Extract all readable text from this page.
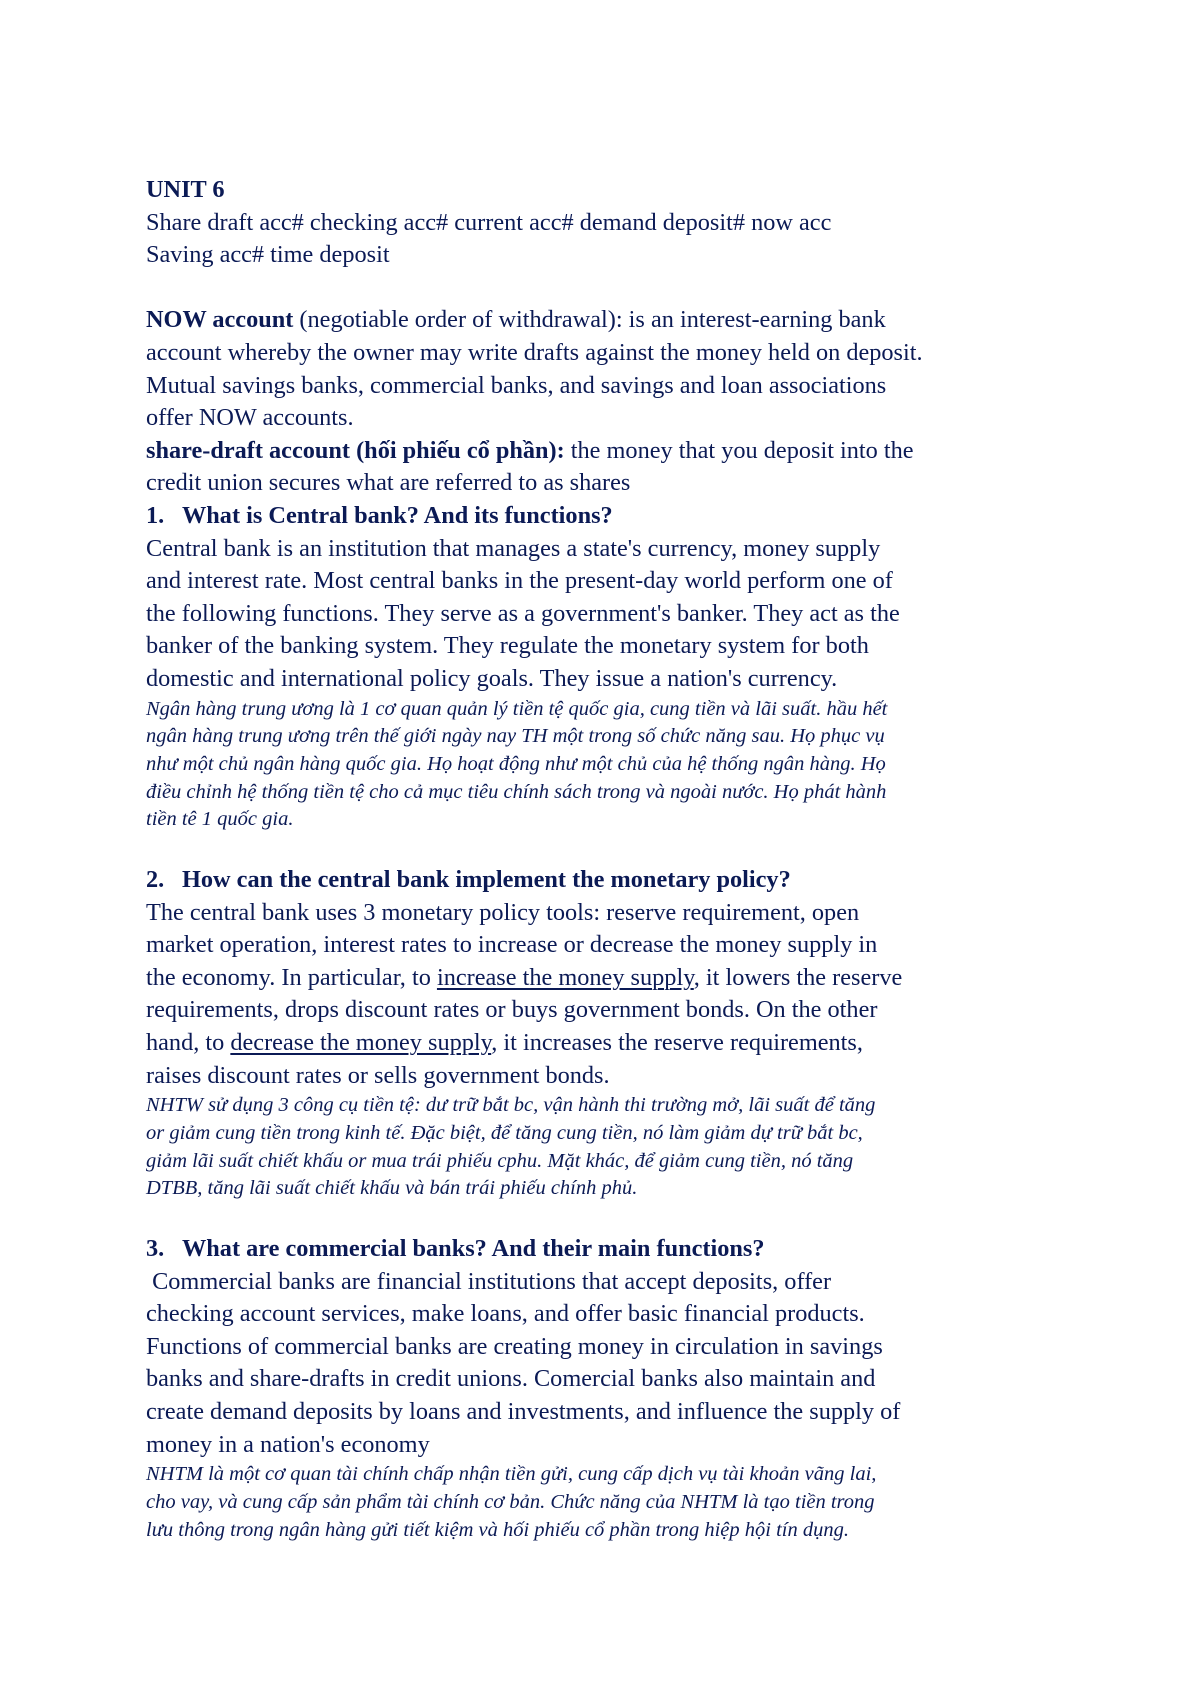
UNIT 6
Share draft acc# checking acc# current acc# demand deposit# now acc
Saving acc# time deposit
NOW account (negotiable order of withdrawal): is an interest-earning bank
account whereby the owner may write drafts against the money held on deposit.
Mutual savings banks, commercial banks, and savings and loan associations
offer NOW accounts.
share-draft account (hối phiếu cổ phần): the money that you deposit into the
credit union secures what are referred to as shares
1. What is Central bank? And its functions?
Central bank is an institution that manages a state's currency, money supply
and interest rate. Most central banks in the present-day world perform one of
the following functions. They serve as a government's banker. They act as the
banker of the banking system. They regulate the monetary system for both
domestic and international policy goals. They issue a nation's currency.
Ngân hàng trung ương là 1 cơ quan quản lý tiền tệ quốc gia, cung tiền và lãi suất. hầu hết
ngân hàng trung ương trên thế giới ngày nay TH một trong số chức năng sau. Họ phục vụ
như một chủ ngân hàng quốc gia. Họ hoạt động như một chủ của hệ thống ngân hàng. Họ
điều chỉnh hệ thống tiền tệ cho cả mục tiêu chính sách trong và ngoài nước. Họ phát hành
tiền tê 1 quốc gia.
2. How can the central bank implement the monetary policy?
The central bank uses 3 monetary policy tools: reserve requirement, open
market operation, interest rates to increase or decrease the money supply in
the economy. In particular, to increase the money supply, it lowers the reserve
requirements, drops discount rates or buys government bonds. On the other
hand, to decrease the money supply, it increases the reserve requirements,
raises discount rates or sells government bonds.
NHTW sử dụng 3 công cụ tiền tệ: dư trữ bắt bc, vận hành thi trường mở, lãi suất để tăng
or giảm cung tiền trong kinh tế. Đặc biệt, để tăng cung tiền, nó làm giảm dự trữ bắt bc,
giảm lãi suất chiết khấu or mua trái phiếu cphu. Mặt khác, để giảm cung tiền, nó tăng
DTBB, tăng lãi suất chiết khấu và bán trái phiếu chính phủ.
3. What are commercial banks? And their main functions?
Commercial banks are financial institutions that accept deposits, offer
checking account services, make loans, and offer basic financial products.
Functions of commercial banks are creating money in circulation in savings
banks and share-drafts in credit unions. Comercial banks also maintain and
create demand deposits by loans and investments, and influence the supply of
money in a nation's economy
NHTM là một cơ quan tài chính chấp nhận tiền gửi, cung cấp dịch vụ tài khoản vãng lai,
cho vay, và cung cấp sản phẩm tài chính cơ bản. Chức năng của NHTM là tạo tiền trong
lưu thông trong ngân hàng gửi tiết kiệm và hối phiếu cổ phần trong hiệp hội tín dụng.
